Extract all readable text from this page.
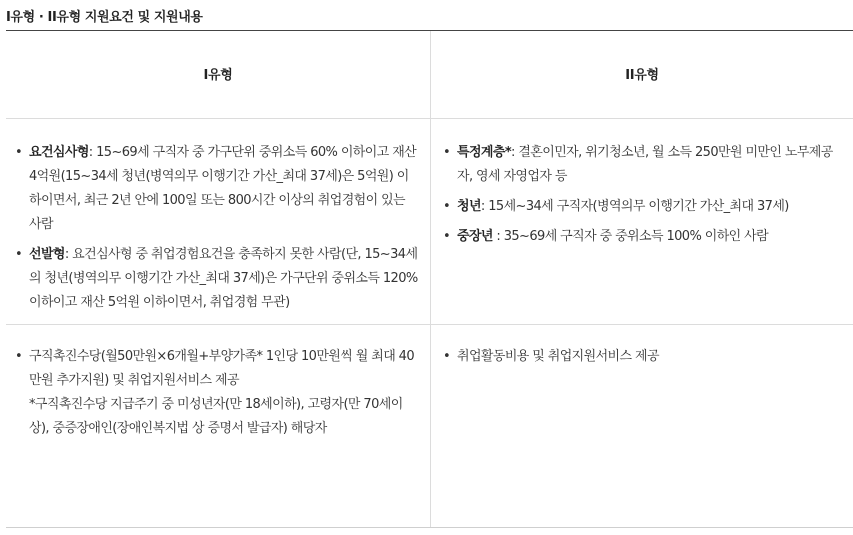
I유형 · II유형 지원요건 및 지원내용
I유형	II유형
• 요건심사형: 15~69세 구직자 중 가구단위 중위소득 60% 이하이고 재산 4억원(15~34세 청년(병역의무 이행기간 가산_최대 37세)은 5억원) 이하이면서, 최근 2년 안에 100일 또는 800시간 이상의 취업경험이 있는 사람
• 선발형: 요건심사형 중 취업경험요건을 충족하지 못한 사람(단, 15~34세의 청년(병역의무 이행기간 가산_최대 37세)은 가구단위 중위소득 120% 이하이고 재산 5억원 이하이면서, 취업경험 무관)
• 특정계층*: 결혼이민자, 위기청소년, 월 소득 250만원 미만인 노무제공자, 영세 자영업자 등
• 청년: 15세~34세 구직자(병역의무 이행기간 가산_최대 37세)
• 중장년 : 35~69세 구직자 중 중위소득 100% 이하인 사람
• 구직촉진수당(월50만원×6개월+부양가족* 1인당 10만원씩 월 최대 40만원 추가지원) 및 취업지원서비스 제공
*구직촉진수당 지급주기 중 미성년자(만 18세이하), 고령자(만 70세이상), 중증장애인(장애인복지법 상 증명서 발급자) 해당자
• 취업활동비용 및 취업지원서비스 제공
